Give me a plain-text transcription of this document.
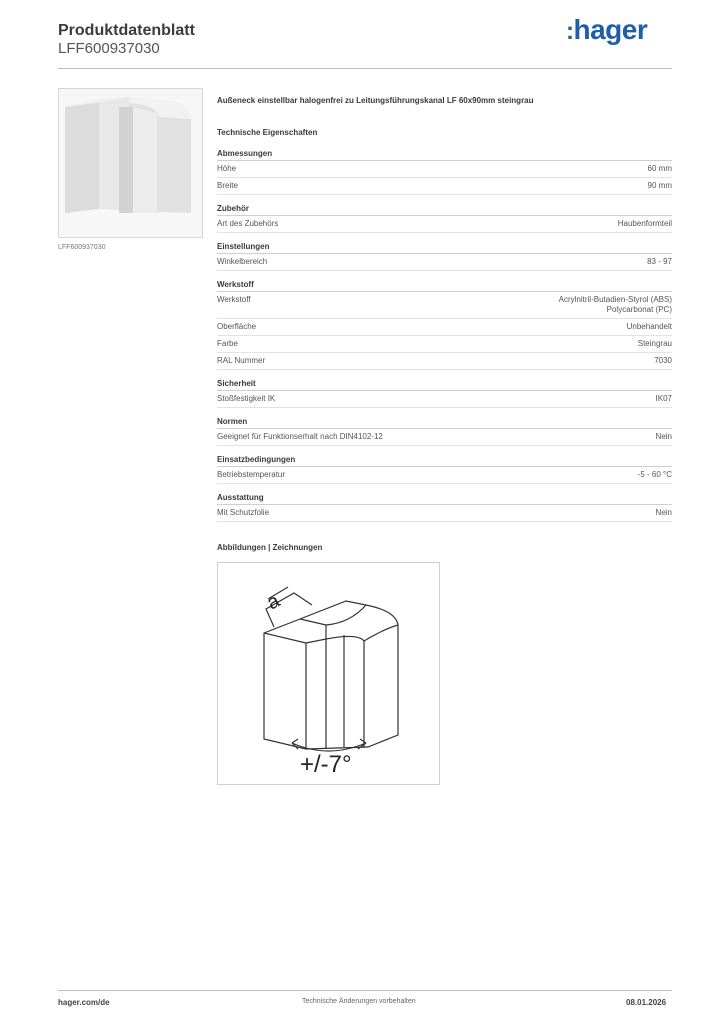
Produktdatenblatt
LFF600937030
:hager
LFF600937030
Außeneck einstellbar halogenfrei zu Leitungsführungskanal LF 60x90mm steingrau
Technische Eigenschaften
Abmessungen
Höhe	60 mm
Breite	90 mm
Zubehör
Art des Zubehörs	Haubenformteil
Einstellungen
Winkelbereich	83 - 97
Werkstoff
Werkstoff	Acrylnitril-Butadien-Styrol (ABS)
Polycarbonat (PC)
Oberfläche	Unbehandelt
Farbe	Steingrau
RAL Nummer	7030
Sicherheit
Stoßfestigkeit IK	IK07
Normen
Geeignet für Funktionserhalt nach DIN4102-12	Nein
Einsatzbedingungen
Betriebstemperatur	-5 - 60 °C
Ausstattung
Mit Schutzfolie	Nein
Abbildungen | Zeichnungen
a
+/-7°
hager.com/de	Technische Änderungen vorbehalten	08.01.2026
